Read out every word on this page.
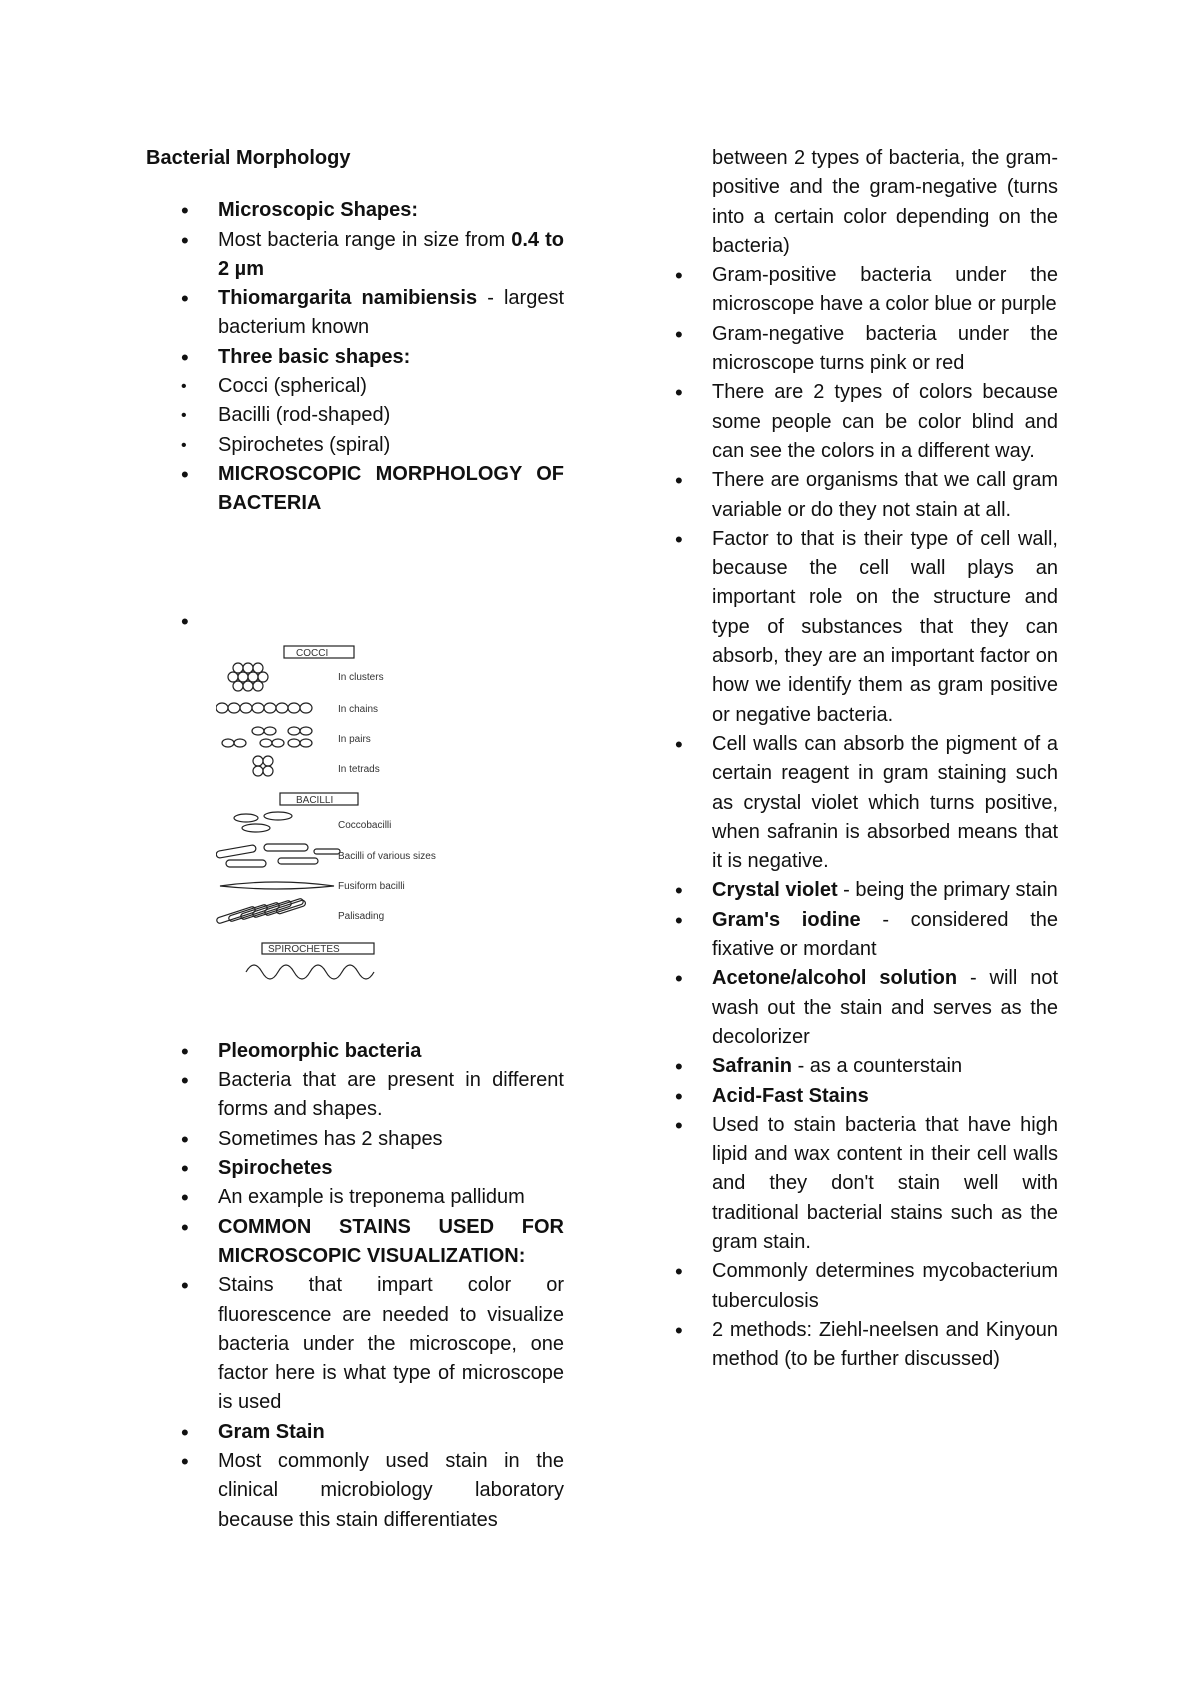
Bacterial Morphology
• Microscopic Shapes:
• Most bacteria range in size from 0.4 to 2 µm
• Thiomargarita namibiensis - largest bacterium known
• Three basic shapes:
• Cocci (spherical)
• Bacilli (rod-shaped)
• Spirochetes (spiral)
• MICROSCOPIC MORPHOLOGY OF BACTERIA
•
COCCI
In clusters
In chains
In pairs
In tetrads
BACILLI
Coccobacilli
Bacilli of various sizes
Fusiform bacilli
Palisading
SPIROCHETES
• Pleomorphic bacteria
• Bacteria that are present in different forms and shapes.
• Sometimes has 2 shapes
• Spirochetes
• An example is treponema pallidum
• COMMON STAINS USED FOR MICROSCOPIC VISUALIZATION:
• Stains that impart color or fluorescence are needed to visualize bacteria under the microscope, one factor here is what type of microscope is used
• Gram Stain
• Most commonly used stain in the clinical microbiology laboratory because this stain differentiates
between 2 types of bacteria, the gram-positive and the gram-negative (turns into a certain color depending on the bacteria)
• Gram-positive bacteria under the microscope have a color blue or purple
• Gram-negative bacteria under the microscope turns pink or red
• There are 2 types of colors because some people can be color blind and can see the colors in a different way.
• There are organisms that we call gram variable or do they not stain at all.
• Factor to that is their type of cell wall, because the cell wall plays an important role on the structure and type of substances that they can absorb, they are an important factor on how we identify them as gram positive or negative bacteria.
• Cell walls can absorb the pigment of a certain reagent in gram staining such as crystal violet which turns positive, when safranin is absorbed means that it is negative.
• Crystal violet - being the primary stain
• Gram's iodine - considered the fixative or mordant
• Acetone/alcohol solution - will not wash out the stain and serves as the decolorizer
• Safranin - as a counterstain
• Acid-Fast Stains
• Used to stain bacteria that have high lipid and wax content in their cell walls and they don't stain well with traditional bacterial stains such as the gram stain.
• Commonly determines mycobacterium tuberculosis
• 2 methods: Ziehl-neelsen and Kinyoun method (to be further discussed)
